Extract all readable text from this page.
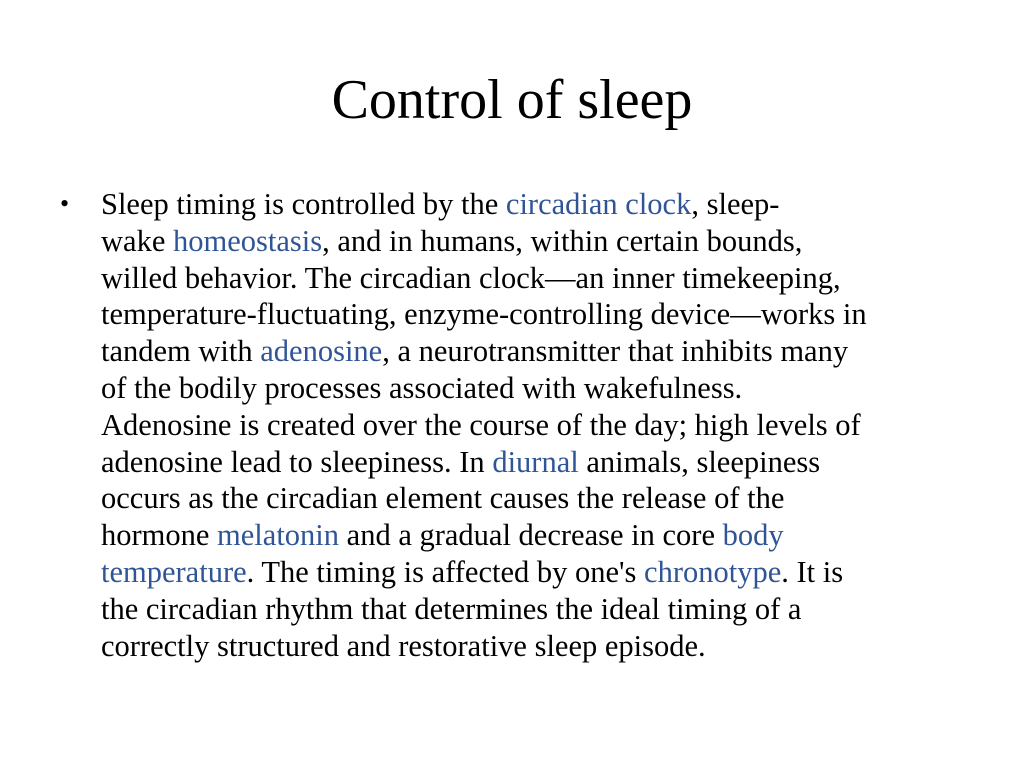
Control of sleep
• Sleep timing is controlled by the circadian clock, sleep-
wake homeostasis, and in humans, within certain bounds,
willed behavior. The circadian clock—an inner timekeeping,
temperature-fluctuating, enzyme-controlling device—works in
tandem with adenosine, a neurotransmitter that inhibits many
of the bodily processes associated with wakefulness.
Adenosine is created over the course of the day; high levels of
adenosine lead to sleepiness. In diurnal animals, sleepiness
occurs as the circadian element causes the release of the
hormone melatonin and a gradual decrease in core body
temperature. The timing is affected by one's chronotype. It is
the circadian rhythm that determines the ideal timing of a
correctly structured and restorative sleep episode.
